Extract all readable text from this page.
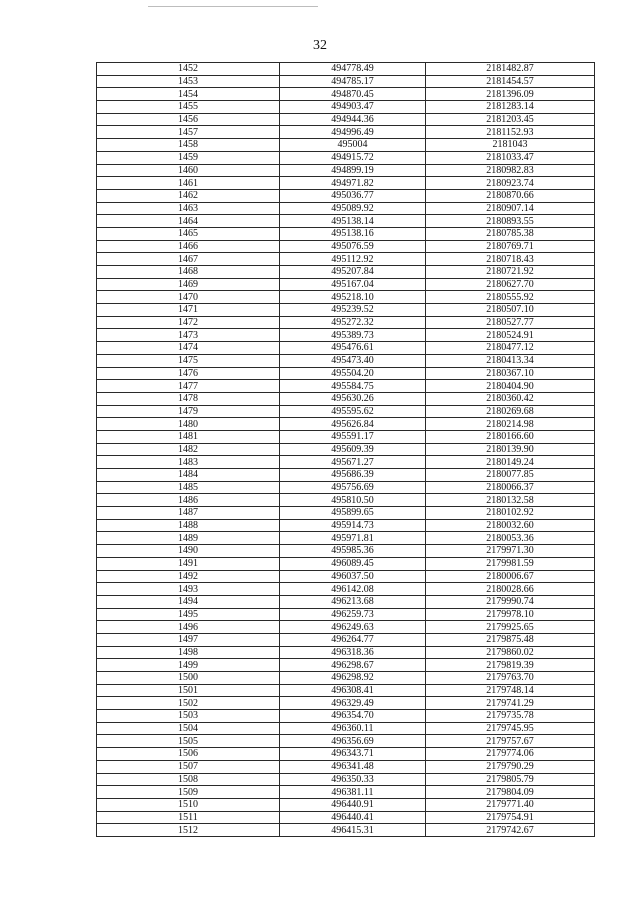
32
1452	494778.49	2181482.87
1453	494785.17	2181454.57
1454	494870.45	2181396.09
1455	494903.47	2181283.14
1456	494944.36	2181203.45
1457	494996.49	2181152.93
1458	495004	2181043
1459	494915.72	2181033.47
1460	494899.19	2180982.83
1461	494971.82	2180923.74
1462	495036.77	2180870.66
1463	495089.92	2180907.14
1464	495138.14	2180893.55
1465	495138.16	2180785.38
1466	495076.59	2180769.71
1467	495112.92	2180718.43
1468	495207.84	2180721.92
1469	495167.04	2180627.70
1470	495218.10	2180555.92
1471	495239.52	2180507.10
1472	495272.32	2180527.77
1473	495389.73	2180524.91
1474	495476.61	2180477.12
1475	495473.40	2180413.34
1476	495504.20	2180367.10
1477	495584.75	2180404.90
1478	495630.26	2180360.42
1479	495595.62	2180269.68
1480	495626.84	2180214.98
1481	495591.17	2180166.60
1482	495609.39	2180139.90
1483	495671.27	2180149.24
1484	495686.39	2180077.85
1485	495756.69	2180066.37
1486	495810.50	2180132.58
1487	495899.65	2180102.92
1488	495914.73	2180032.60
1489	495971.81	2180053.36
1490	495985.36	2179971.30
1491	496089.45	2179981.59
1492	496037.50	2180006.67
1493	496142.08	2180028.66
1494	496213.68	2179990.74
1495	496259.73	2179978.10
1496	496249.63	2179925.65
1497	496264.77	2179875.48
1498	496318.36	2179860.02
1499	496298.67	2179819.39
1500	496298.92	2179763.70
1501	496308.41	2179748.14
1502	496329.49	2179741.29
1503	496354.70	2179735.78
1504	496360.11	2179745.95
1505	496356.69	2179757.67
1506	496343.71	2179774.06
1507	496341.48	2179790.29
1508	496350.33	2179805.79
1509	496381.11	2179804.09
1510	496440.91	2179771.40
1511	496440.41	2179754.91
1512	496415.31	2179742.67
